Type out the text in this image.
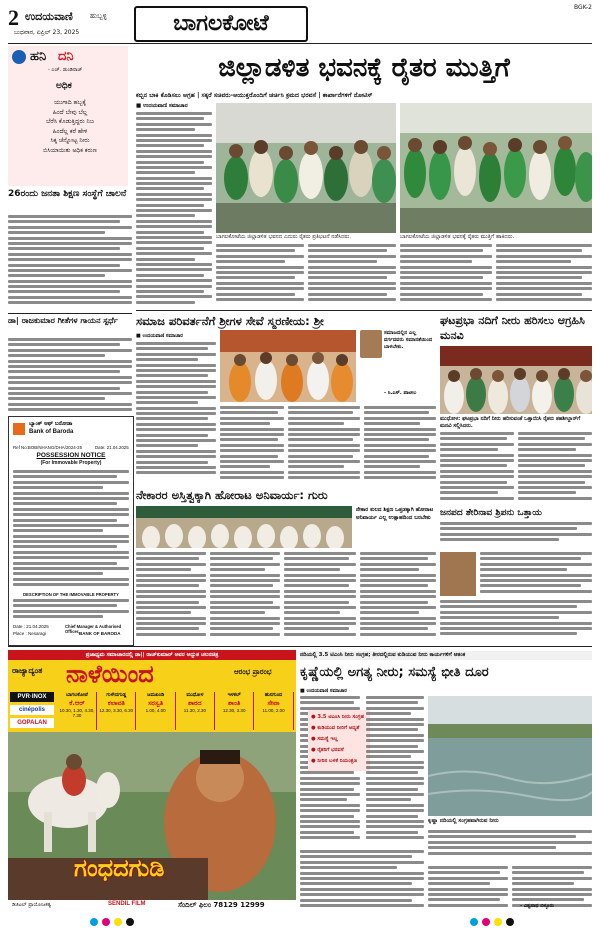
2 ಉದಯವಾಣಿ ಹುಬ್ಬಳ್ಳಿ
ಬುಧವಾರ, ಏಪ್ರಿಲ್ 23, 2025	ಬಾಗಲಕೋಟೆ
BGK-2
ಹನಿ ದನಿ
- ಎಚ್. ಡುಂಡಿರಾಜ್
ಅಧಿಕ
ಯುಗಾದಿ ಹಬ್ಬಕ್ಕೆ
ಹಿಂದೆ ಬೇವು ಬೆಲ್ಲ
ಬೆರೆಸಿ ಕೊಡುತ್ತಿದ್ದರು ನಿಜ
ಹಿಂದೆಲ್ಲ ಕರೆ ಹೇಳಿ
ಸಿಕ್ಕ ಚೆನ್ನೋಟ್ಟ ನೀರು
ಬಿಸಿಯಾಯಿತು ಅಧಿಕ ಕರುಣ
26ರಂದು ಜನತಾ ಶಿಕ್ಷಣ ಸಂಸ್ಥೆಗೆ ಚಾಲನೆ
ಜಿಲ್ಲಾಡಳಿತ ಭವನಕ್ಕೆ ರೈತರ ಮುತ್ತಿಗೆ
ಕಬ್ಬಿನ ಬಾಕಿ ಕೊಡಿಸಲು ಆಗ್ರಹ | ಸಕ್ಕರೆ ಸಚಿವರು-ಆಯುಕ್ತರೊಂದಿಗೆ ಚರ್ಚಿಸಿ ಕ್ರಮದ ಭರವಸೆ | ಕಾರ್ಖಾನೆಗಳಿಗೆ ನೋಟಿಸ್
■ ಉದಯವಾಣಿ ಸಮಾಚಾರ
ಬಾಗಲಕೋಟೆಯ ಜಿಲ್ಲಾಡಳಿತ ಭವನದ ಎದುರು ರೈತರು ಪ್ರತಿಭಟನೆ ನಡೆಸಿದರು.	ಬಾಗಲಕೋಟೆಯ ಜಿಲ್ಲಾಡಳಿತ ಭವನಕ್ಕೆ ರೈತರು ಮುತ್ತಿಗೆ ಹಾಕಿದರು.
ಡಾ| ರಾಜಕುಮಾರ ಗೀತೆಗಳ ಗಾಯನ ಸ್ಪರ್ಧೆ
ಬ್ಯಾಂಕ್ ಆಫ್ ಬರೋಡಾ
Bank of Baroda
Ref No:BOB/NHANG/DHA/2024-25	Date: 21.04.2025
POSSESSION NOTICE
(For Immovable Property)
DESCRIPTION OF THE IMMOVABLE PROPERTY
Date : 21.04.2025
Place : Nesaragi
Chief Manager & Authorised Officer, BANK OF BARODA
ಸಮಾಜ ಪರಿವರ್ತನೆಗೆ ಶ್ರೀಗಳ ಸೇವೆ ಸ್ಮರಣೀಯ: ಶ್ರೀ
■ ಉದಯವಾಣಿ ಸಮಾಚಾರ	ಸಮಾಜದಲ್ಲಿನ ಎಲ್ಲ ವರ್ಗದವರು ಸಮಾನತೆಯಿಂದ ಬಾಳಬೇಕು.
- ಸಿ.ಎಸ್. ಪಾಟೀಲ
ಘಟಪ್ರಭಾ ನದಿಗೆ ನೀರು ಹರಿಸಲು ಆಗ್ರಹಿಸಿ ಮನವಿ
ಮುಧೋಳ: ಘಟಪ್ರಭಾ ನದಿಗೆ ನೀರು ಹರಿಸುವಂತೆ ಒತ್ತಾಯಿಸಿ ರೈತರು ತಹಶೀಲ್ದಾರ್‌ಗೆ ಮನವಿ ಸಲ್ಲಿಸಿದರು.
ನೇಕಾರರ ಅಸ್ತಿತ್ವಕ್ಕಾಗಿ ಹೋರಾಟ ಅನಿವಾರ್ಯ: ಗುರು
ನೇಕಾರ ಕುಲದ ಶಿಕ್ಷಣ ಒತ್ತಡಕ್ಕಾಗಿ ಹೋರಾಟ ಅನಿವಾರ್ಯ ಎಲ್ಲ ಉತ್ಸಾಹದಿಂದ ಬರಬೇಕು	ಜನಪದ ತೇರಿನಾವ ಶ್ರಿಪನು ಒತ್ತಾಯ
ಪ್ರಜಾಧ್ಯಮ ಸಮಾಚಾರದಲ್ಲಿ ಡಾ|| ರಾಜ್‌ಕುಮಾರ್ ಅವರ ಅದ್ಭುತ ಚಲನಚಿತ್ರ
ರಾಜ್ಯಾದ್ಯಂತ ನಾಳೆಯಿಂದ	ಆರಂಭ ಪ್ರಾರಂಭ
PVR·INOX
cinépolis
GOPALAN
ಬಾಗಲಕೋಟೆ
ಕೆ.ಆರ್
10.30, 1.30, 4.30, 7.30
ಗುಳೇದಗುಡ್ಡ
ಕಲಾವತಿ
12.30, 3.30, 6.30
ಜಮಖಂಡಿ
ಸರಸ್ವತಿ
1.00, 4.00
ಮುಧೋಳ
ಶಾರದ
11.30, 2.30
ಇಳಕಲ್
ಶಾಂತಿ
12.30, 3.30
ಹುನಗುಂದ
ಸೇವಾ
11.00, 2.00
ಗಂಧದಗುಡಿ
ಡಿಜಿಟಲ್ ಪ್ರಾಯೋಜಕತ್ವ	SENDIL FILM	ಸೆಂದಿಲ್ ಫಿಲಂ 78129 12999
ನದಿಯಲ್ಲಿ 3.5 ಟಿಎಂಸಿ ನೀರು ಸಂಗ್ರಹ; ತೀರದಲ್ಲಿರುವ ಕುಡಿಯುವ ನೀರು ಕಾರ್ಯಗಳಿಗೆ ಆತಂಕ
ಕೃಷ್ಣೆಯಲ್ಲಿ ಅಗತ್ಯ ನೀರು; ಸಮಸ್ಯೆ ಭೀತಿ ದೂರ
■ ಉದಯವಾಣಿ ಸಮಾಚಾರ
● 3.5 ಟಿಎಂಸಿ ನೀರು ಸಂಗ್ರಹ
● ಕುಡಿಯುವ ನೀರಿಗೆ ಆದ್ಯತೆ
● ಸಮಸ್ಯೆ ಇಲ್ಲ
● ರೈತರಿಗೆ ಭರವಸೆ
● ನೀರಿನ ಬಳಕೆ ನಿಯಂತ್ರಣ
ಕೃಷ್ಣಾ ನದಿಯಲ್ಲಿ ಸಂಗ್ರಹವಾಗಿರುವ ನೀರು
- ವಿಶ್ವನಾಥ ಬಿಳ್ಳೂರು
